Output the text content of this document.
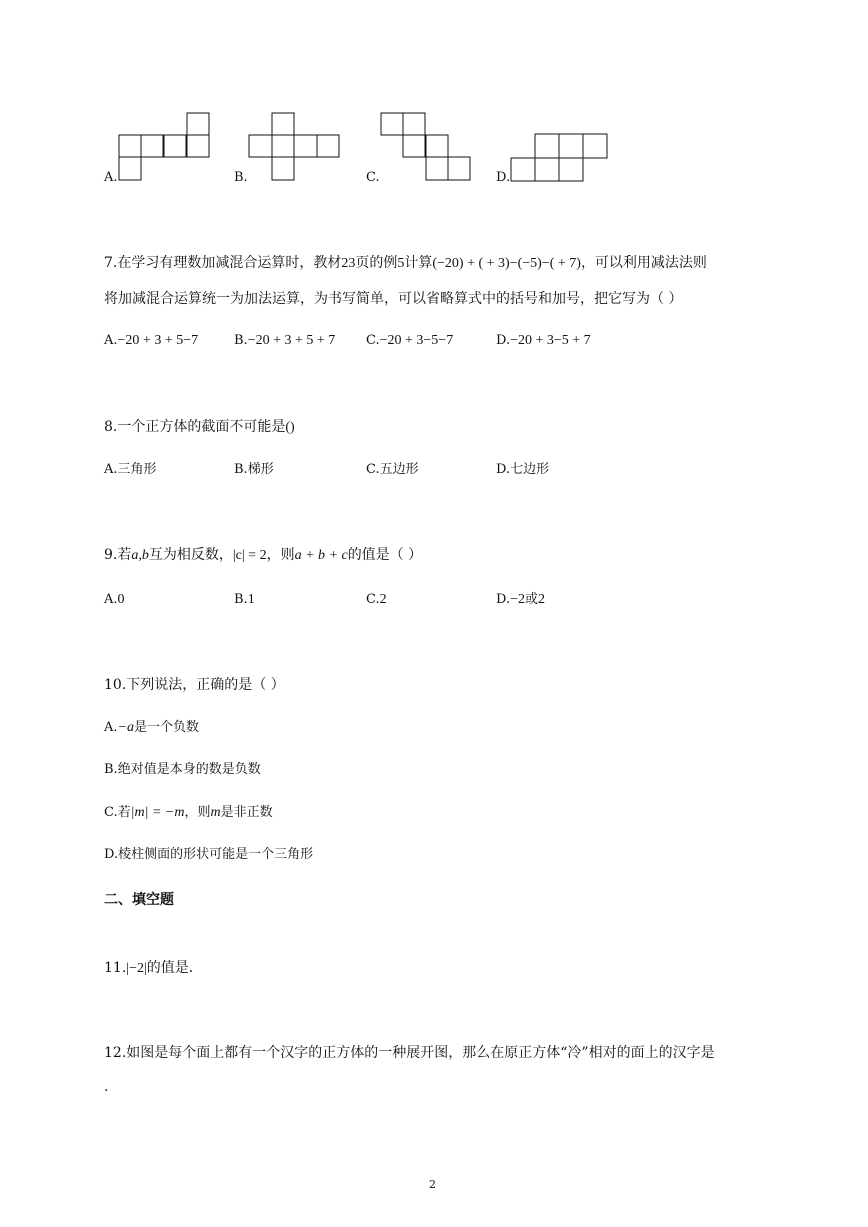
A.	B.	C.	D.
7.在学习有理数加减混合运算时，教材23页的例5计算(−20) + ( + 3)−(−5)−( + 7)，可以利用减法法则
将加减混合运算统一为加法运算，为书写简单，可以省略算式中的括号和加号，把它写为（ ）
A.−20 + 3 + 5−7	B.−20 + 3 + 5 + 7 C.−20 + 3−5−7	D.−20 + 3−5 + 7
8.一个正方体的截面不可能是()
A.三角形	B.梯形	C.五边形	D.七边形
9.若a,b互为相反数，|c| = 2，则a + b + c的值是（ ）
A.0	B.1	C.2	D.−2或2
10.下列说法，正确的是（ ）
A.−a是一个负数
B.绝对值是本身的数是负数
C.若|m| = −m，则m是非正数
D.棱柱侧面的形状可能是一个三角形
二、填空题
11.|−2|的值是．
12.如图是每个面上都有一个汉字的正方体的一种展开图，那么在原正方体“冷”相对的面上的汉字是
.
2
